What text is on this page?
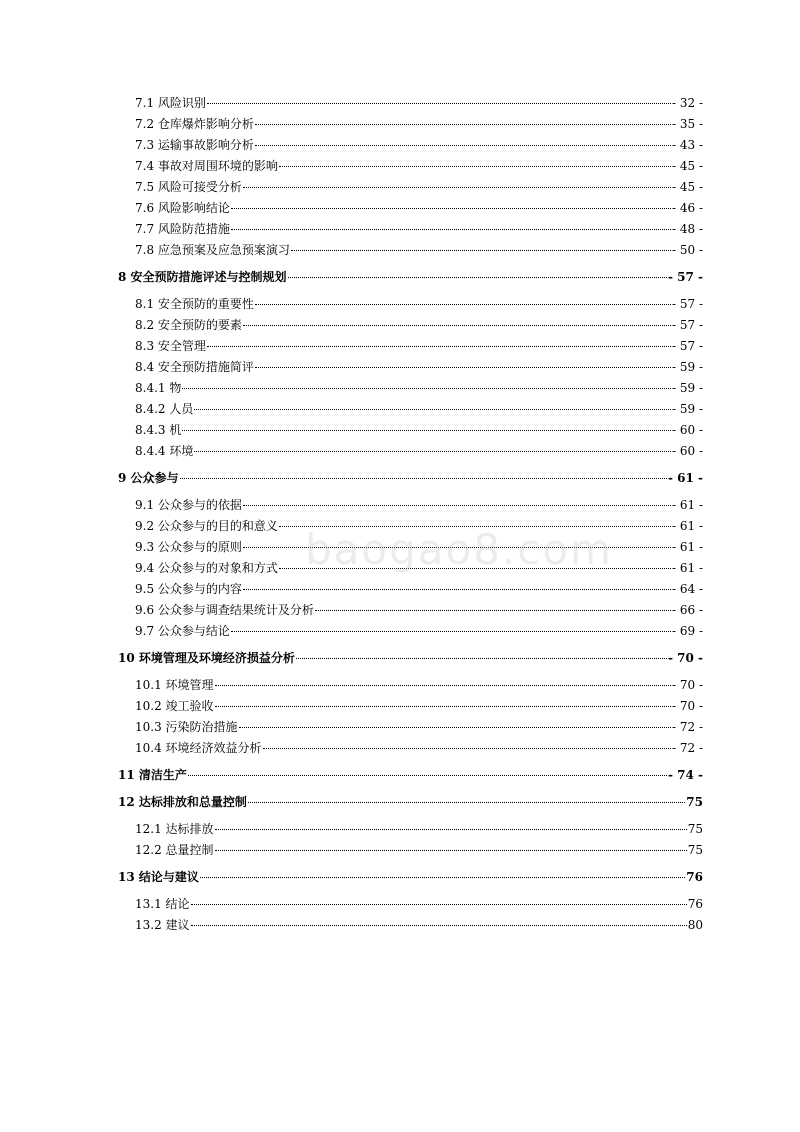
7.1 风险识别	- 32 -
7.2 仓库爆炸影响分析	- 35 -
7.3 运输事故影响分析	- 43 -
7.4 事故对周围环境的影响	- 45 -
7.5 风险可接受分析	- 45 -
7.6 风险影响结论	- 46 -
7.7 风险防范措施	- 48 -
7.8 应急预案及应急预案演习	- 50 -
8 安全预防措施评述与控制规划	- 57 -
8.1 安全预防的重要性	- 57 -
8.2 安全预防的要素	- 57 -
8.3 安全管理	- 57 -
8.4 安全预防措施简评	- 59 -
8.4.1 物	- 59 -
8.4.2 人员	- 59 -
8.4.3 机	- 60 -
8.4.4 环境	- 60 -
9 公众参与	- 61 -
9.1 公众参与的依据	- 61 -
9.2 公众参与的目的和意义	- 61 -
9.3 公众参与的原则	- 61 -
9.4 公众参与的对象和方式	- 61 -
9.5 公众参与的内容	- 64 -
9.6 公众参与调查结果统计及分析	- 66 -
9.7 公众参与结论	- 69 -
10 环境管理及环境经济损益分析	- 70 -
10.1 环境管理	- 70 -
10.2 竣工验收	- 70 -
10.3 污染防治措施	- 72 -
10.4 环境经济效益分析	- 72 -
11 清洁生产	- 74 -
12 达标排放和总量控制	75
12.1 达标排放	75
12.2 总量控制	75
13 结论与建议	76
13.1 结论	76
13.2 建议	80
baogao8.com
